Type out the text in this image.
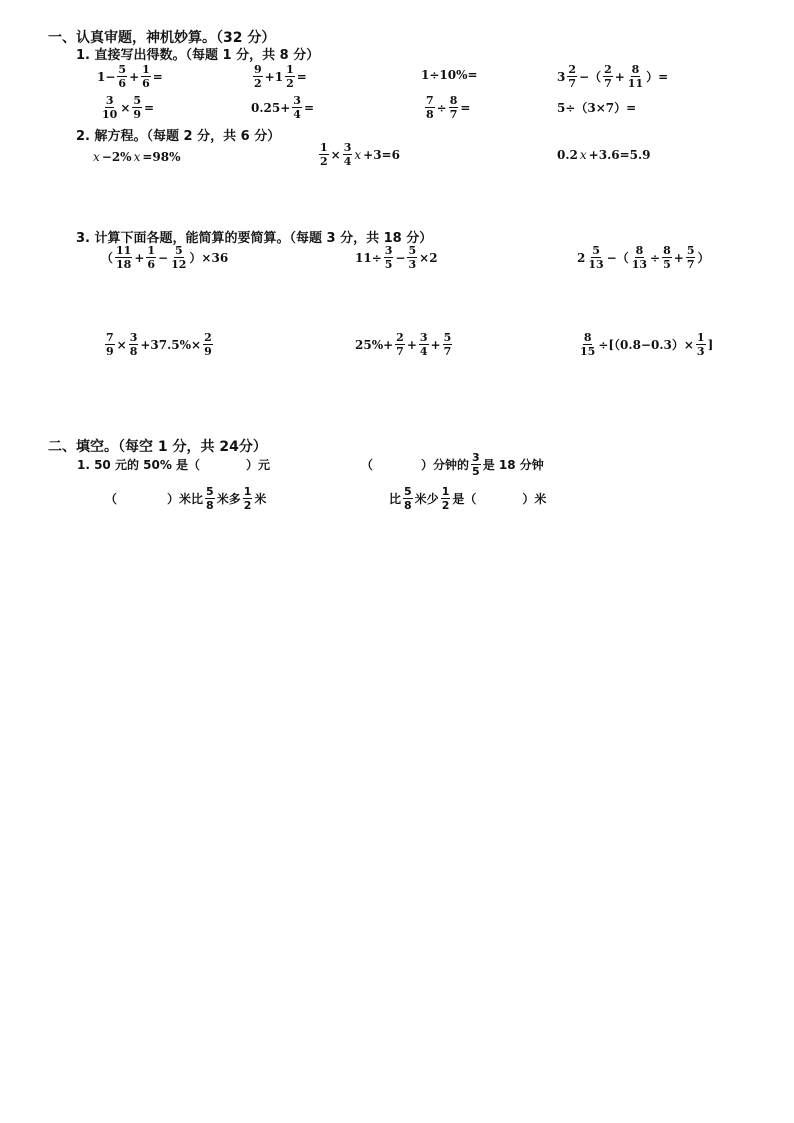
一、认真审题，神机妙算。（32 分）
1. 直接写出得数。（每题 1 分，共 8 分）
$1- \frac{5}{6} + \frac{1}{6}$ =	$\frac{9}{2} +1 \frac{1}{2}$ =	1÷10%=	$3 \frac{2}{7}$ −（ $\frac{2}{7} + \frac{8}{11}$ ）=
$\frac{3}{10} \times \frac{5}{9}$ =	$0.25+ \frac{3}{4}$ =	$\frac{7}{8} \div \frac{8}{7}$ =	5÷（3×7）=
2. 解方程。（每题 2 分，共 6 分）
x −2% x =98%	$\frac{1}{2} \times \frac{3}{4}$ x +3=6	0.2 x +3.6=5.9
3. 计算下面各题，能简算的要简算。（每题 3 分，共 18 分）
（ $\frac{11}{18} + \frac{1}{6} - \frac{5}{12} )\times 36$	$11\div \frac{3}{5} - \frac{5}{3} \times 2$	$2 \frac{5}{13}$ −（ $\frac{8}{13} \div \frac{8}{5} + \frac{5}{7}$ ）
$\frac{7}{9} \times \frac{3}{8} +37.5\%\times \frac{2}{9}$	$25\%+ \frac{2}{7} + \frac{3}{4} + \frac{5}{7}$	$\frac{8}{15} \div[(0.8-0.3)\times \frac{1}{3}$ ]
二、填空。（每空 1 分，共 24分）
1. 50 元的 50% 是（	）元	（	）分钟的 $\frac{3}{5}$ 是 18 分钟
（	）米比 $\frac{5}{8}$ 米多 $\frac{1}{2}$ 米	比 $\frac{5}{8}$ 米少 $\frac{1}{2}$ 是（	）米
